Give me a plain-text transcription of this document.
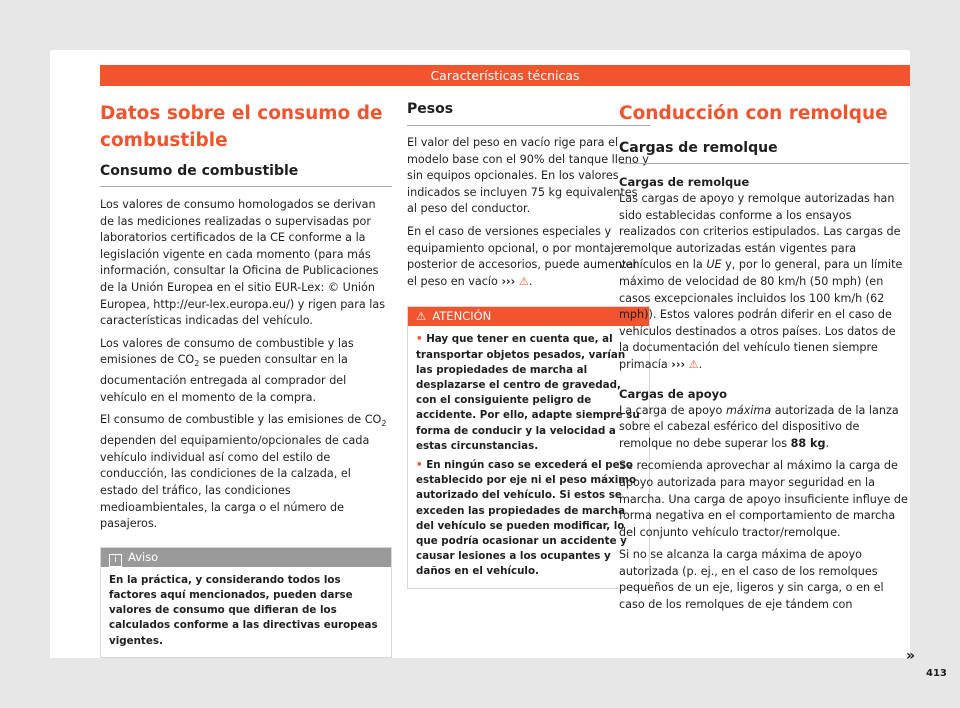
Características técnicas
Datos sobre el consumo de combustible
Consumo de combustible

Los valores de consumo homologados se derivan de las mediciones realizadas o supervisadas por laboratorios certificados de la CE conforme a la legislación vigente en cada momento (para más información, consultar la Oficina de Publicaciones de la Unión Europea en el sitio EUR-Lex: © Unión Europea, http://eur-lex.europa.eu/) y rigen para las características indicadas del vehículo.

Los valores de consumo de combustible y las emisiones de $CO_2$ se pueden consultar en la documentación entregada al comprador del vehículo en el momento de la compra.

El consumo de combustible y las emisiones de $CO_2$ dependen del equipamiento/opcionales de cada vehículo individual así como del estilo de conducción, las condiciones de la calzada, el estado del tráfico, las condiciones medioambientales, la carga o el número de pasajeros.

i Aviso
En la práctica, y considerando todos los factores aquí mencionados, pueden darse valores de consumo que difieran de los calculados conforme a las directivas europeas vigentes.
Pesos

El valor del peso en vacío rige para el modelo base con el 90% del tanque lleno y sin equipos opcionales. En los valores indicados se incluyen 75 kg equivalentes al peso del conductor.

En el caso de versiones especiales y equipamiento opcional, o por montaje posterior de accesorios, puede aumentar el peso en vacío ››› ⚠.

⚠ ATENCIÓN
• Hay que tener en cuenta que, al transportar objetos pesados, varían las propiedades de marcha al desplazarse el centro de gravedad, con el consiguiente peligro de accidente. Por ello, adapte siempre su forma de conducir y la velocidad a estas circunstancias.
• En ningún caso se excederá el peso establecido por eje ni el peso máximo autorizado del vehículo. Si estos se exceden las propiedades de marcha del vehículo se pueden modificar, lo que podría ocasionar un accidente y causar lesiones a los ocupantes y daños en el vehículo.
Conducción con remolque
Cargas de remolque
Cargas de remolque

Las cargas de apoyo y remolque autorizadas han sido establecidas conforme a los ensayos realizados con criterios estipulados. Las cargas de remolque autorizadas están vigentes para vehículos en la UE y, por lo general, para un límite máximo de velocidad de 80 km/h (50 mph) (en casos excepcionales incluidos los 100 km/h (62 mph)). Estos valores podrán diferir en el caso de vehículos destinados a otros países. Los datos de la documentación del vehículo tienen siempre primacía ››› ⚠.

Cargas de apoyo

La carga de apoyo máxima autorizada de la lanza sobre el cabezal esférico del dispositivo de remolque no debe superar los 88 kg.

Se recomienda aprovechar al máximo la carga de apoyo autorizada para mayor seguridad en la marcha. Una carga de apoyo insuficiente influye de forma negativa en el comportamiento de marcha del conjunto vehículo tractor/remolque.

Si no se alcanza la carga máxima de apoyo autorizada (p. ej., en el caso de los remolques pequeños de un eje, ligeros y sin carga, o en el caso de los remolques de eje tándem con

»
413
